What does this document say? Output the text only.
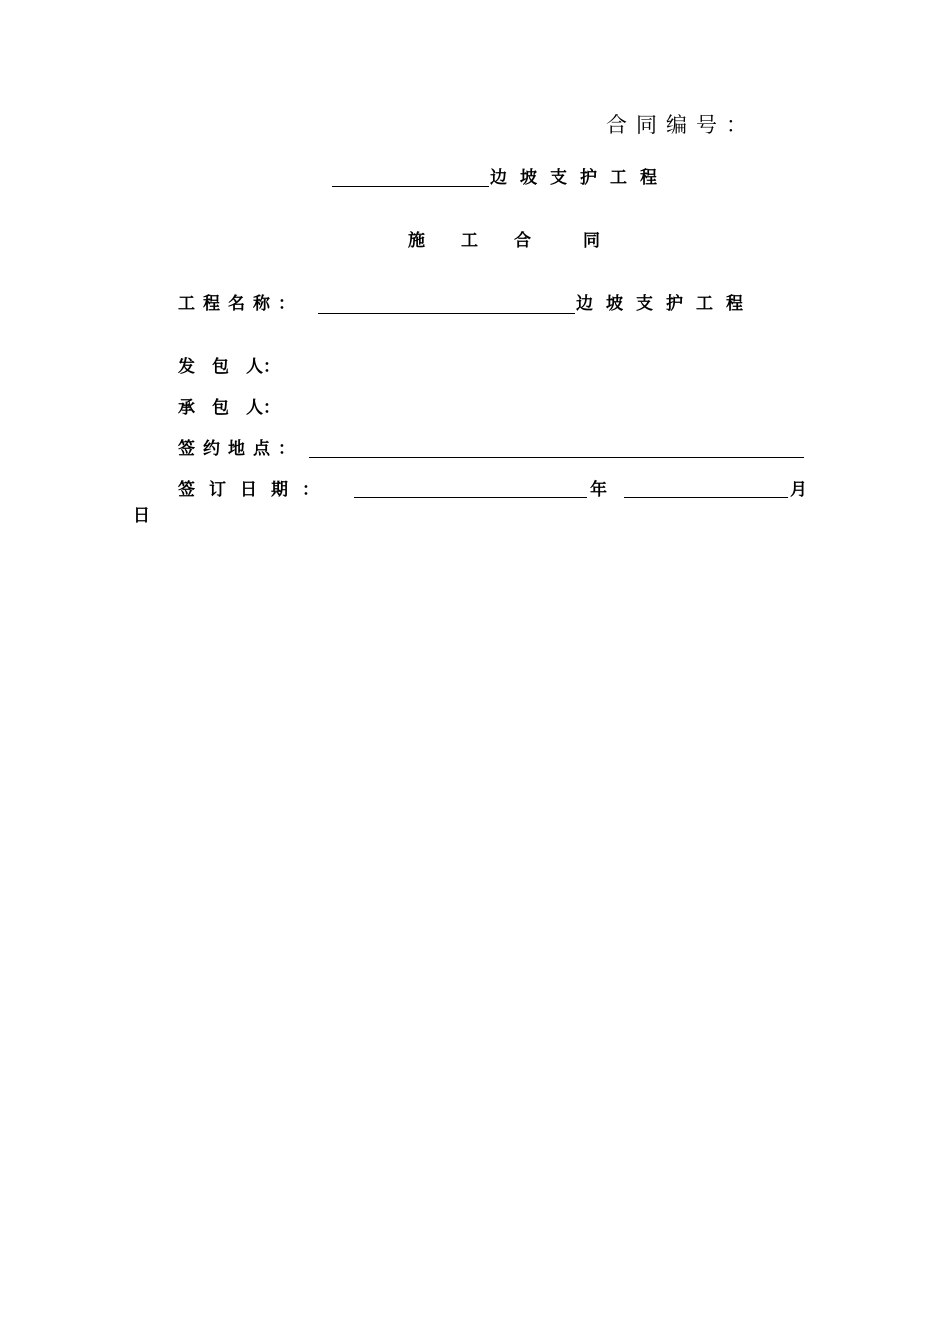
合同编号：
边坡支护工程
施 工 合	同
工程名称：	边坡支护工程
发　包　人：
承　包　人：
签约地点：
签订日期：	年	月
日
